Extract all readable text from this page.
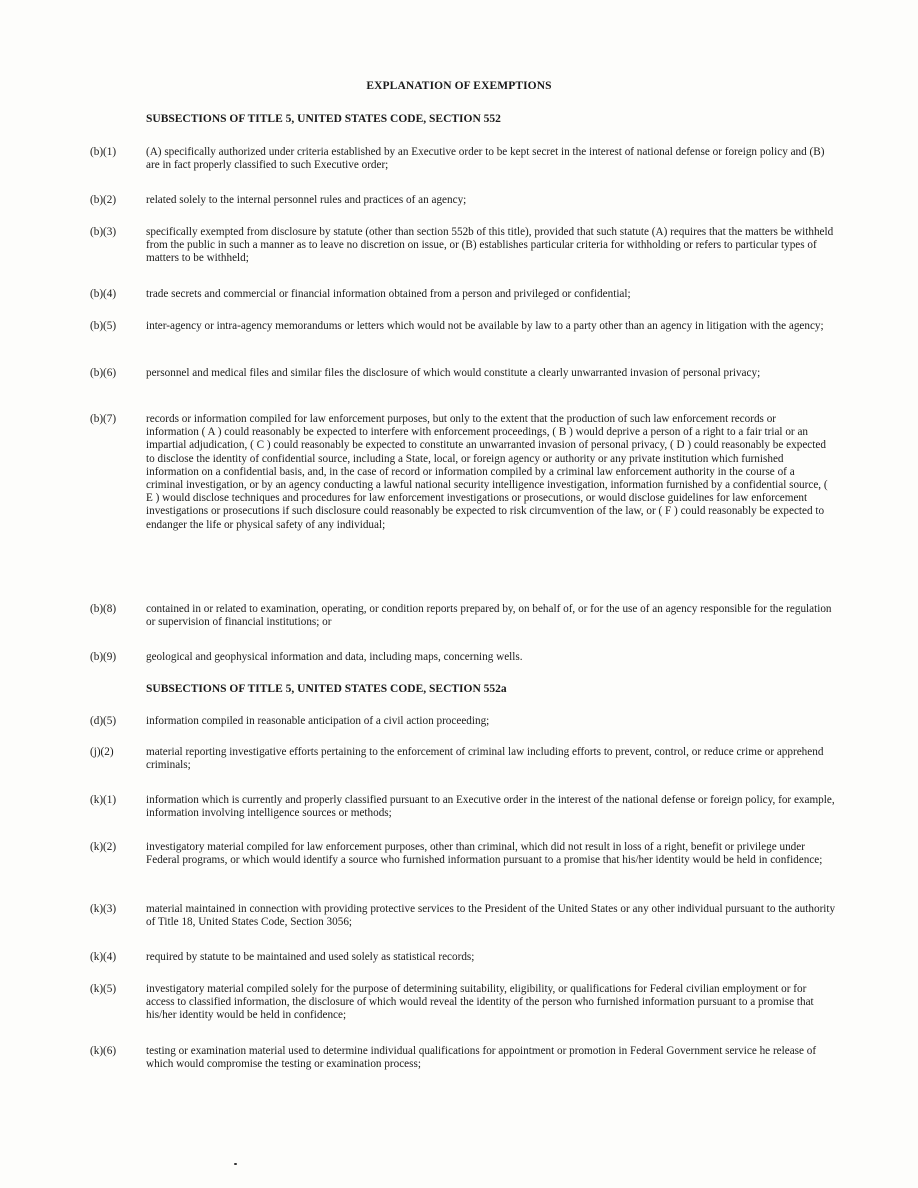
EXPLANATION OF EXEMPTIONS
SUBSECTIONS OF TITLE 5, UNITED STATES CODE, SECTION 552
(b)(1)	(A) specifically authorized under criteria established by an Executive order to be kept secret in the interest of national defense or foreign policy and (B) are in fact properly classified to such Executive order;
(b)(2)	related solely to the internal personnel rules and practices of an agency;
(b)(3)	specifically exempted from disclosure by statute (other than section 552b of this title), provided that such statute (A) requires that the matters be withheld from the public in such a manner as to leave no discretion on issue, or (B) establishes particular criteria for withholding or refers to particular types of matters to be withheld;
(b)(4)	trade secrets and commercial or financial information obtained from a person and privileged or confidential;
(b)(5)	inter-agency or intra-agency memorandums or letters which would not be available by law to a party other than an agency in litigation with the agency;
(b)(6)	personnel and medical files and similar files the disclosure of which would constitute a clearly unwarranted invasion of personal privacy;
(b)(7)	records or information compiled for law enforcement purposes, but only to the extent that the production of such law enforcement records or information ( A ) could reasonably be expected to interfere with enforcement proceedings, ( B ) would deprive a person of a right to a fair trial or an impartial adjudication, ( C ) could reasonably be expected to constitute an unwarranted invasion of personal privacy, ( D ) could reasonably be expected to disclose the identity of confidential source, including a State, local, or foreign agency or authority or any private institution which furnished information on a confidential basis, and, in the case of record or information compiled by a criminal law enforcement authority in the course of a criminal investigation, or by an agency conducting a lawful national security intelligence investigation, information furnished by a confidential source, ( E ) would disclose techniques and procedures for law enforcement investigations or prosecutions, or would disclose guidelines for law enforcement investigations or prosecutions if such disclosure could reasonably be expected to risk circumvention of the law, or ( F ) could reasonably be expected to endanger the life or physical safety of any individual;
(b)(8)	contained in or related to examination, operating, or condition reports prepared by, on behalf of, or for the use of an agency responsible for the regulation or supervision of financial institutions; or
(b)(9)	geological and geophysical information and data, including maps, concerning wells.
SUBSECTIONS OF TITLE 5, UNITED STATES CODE, SECTION 552a
(d)(5)	information compiled in reasonable anticipation of a civil action proceeding;
(j)(2)	material reporting investigative efforts pertaining to the enforcement of criminal law including efforts to prevent, control, or reduce crime or apprehend criminals;
(k)(1)	information which is currently and properly classified pursuant to an Executive order in the interest of the national defense or foreign policy, for example, information involving intelligence sources or methods;
(k)(2)	investigatory material compiled for law enforcement purposes, other than criminal, which did not result in loss of a right, benefit or privilege under Federal programs, or which would identify a source who furnished information pursuant to a promise that his/her identity would be held in confidence;
(k)(3)	material maintained in connection with providing protective services to the President of the United States or any other individual pursuant to the authority of Title 18, United States Code, Section 3056;
(k)(4)	required by statute to be maintained and used solely as statistical records;
(k)(5)	investigatory material compiled solely for the purpose of determining suitability, eligibility, or qualifications for Federal civilian employment or for access to classified information, the disclosure of which would reveal the identity of the person who furnished information pursuant to a promise that his/her identity would be held in confidence;
(k)(6)	testing or examination material used to determine individual qualifications for appointment or promotion in Federal Government service he release of which would compromise the testing or examination process;
